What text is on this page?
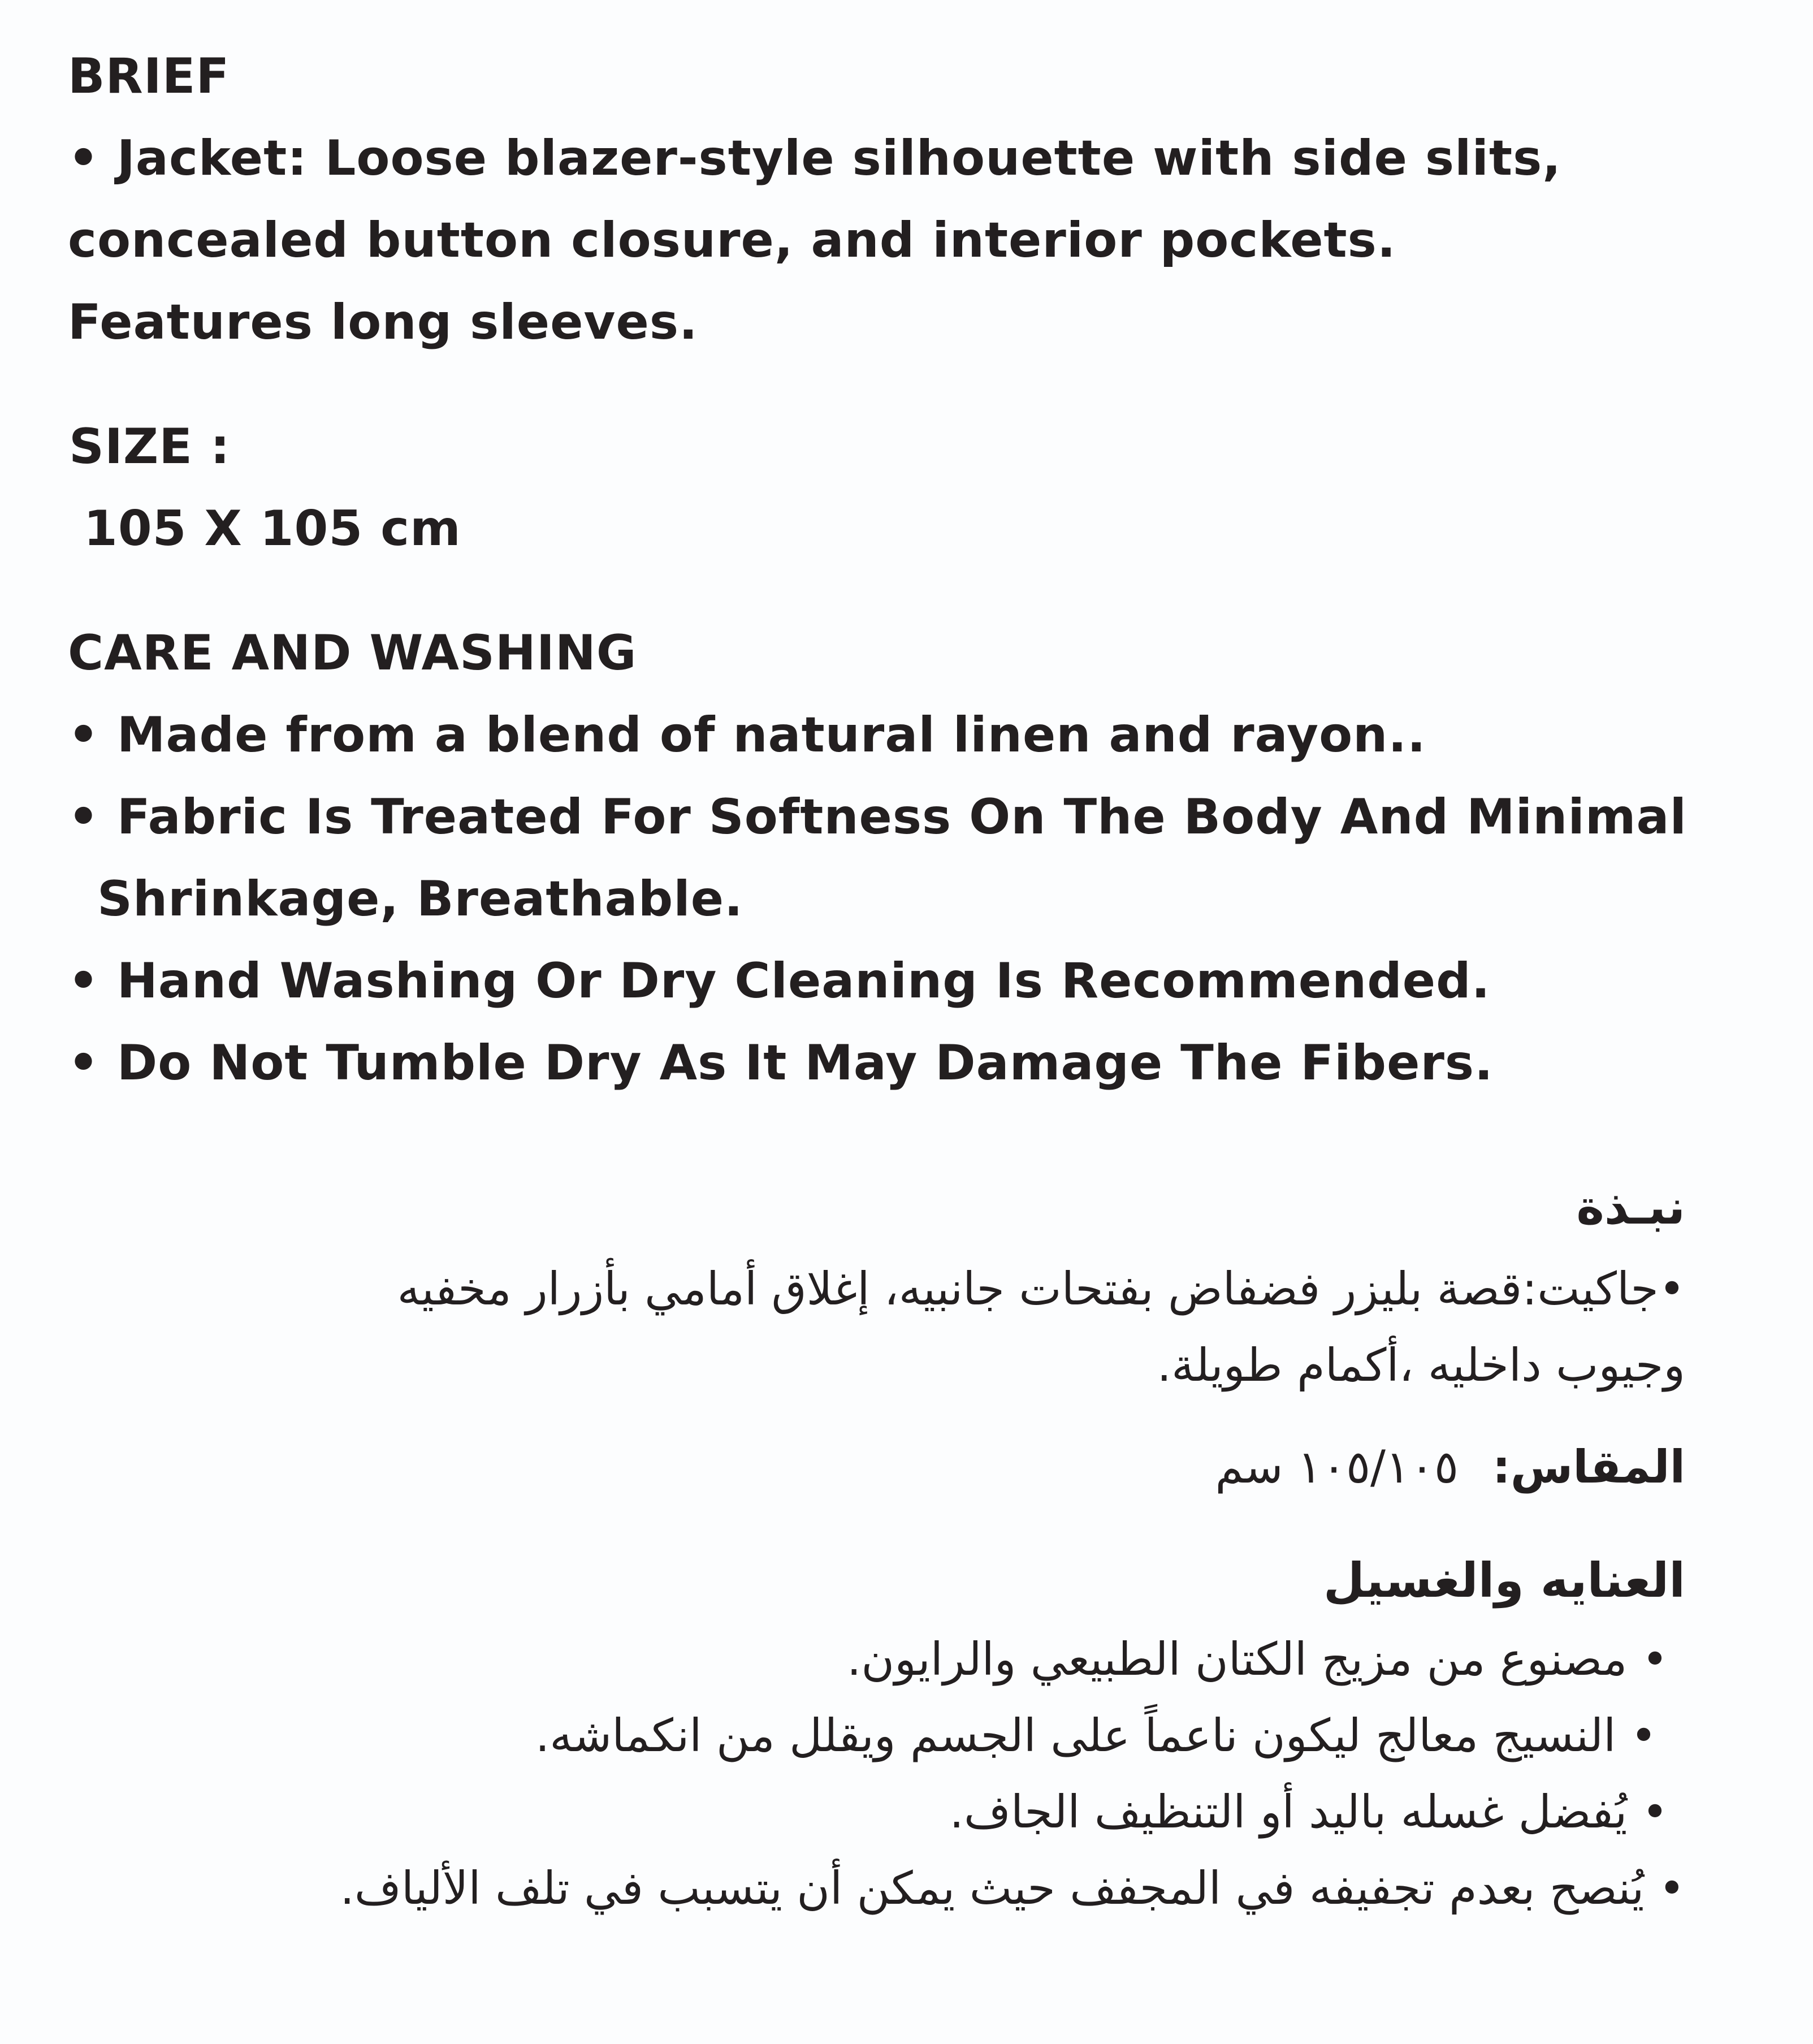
BRIEF
• Jacket: Loose blazer-style silhouette with side slits,
concealed button closure, and interior pockets.
Features long sleeves.
SIZE :
105 X 105 cm
CARE AND WASHING
• Made from a blend of natural linen and rayon..
• Fabric Is Treated For Softness On The Body And Minimal
Shrinkage, Breathable.
• Hand Washing Or Dry Cleaning Is Recommended.
• Do Not Tumble Dry As It May Damage The Fibers.
نبـذة
•جاكيت:قصة بليزر فضفاض بفتحات جانبيه، إغلاق أمامي بأزرار مخفيه
وجيوب داخليه ،أكمام طويلة.
المقاس:
١٠٥/١٠٥ سم
العنايه والغسيل
• مصنوع من مزيج الكتان الطبيعي والرايون.
• النسيج معالج ليكون ناعماً على الجسم ويقلل من انكماشه.
• يُفضل غسله باليد أو التنظيف الجاف.
• يُنصح بعدم تجفيفه في المجفف حيث يمكن أن يتسبب في تلف الألياف.
